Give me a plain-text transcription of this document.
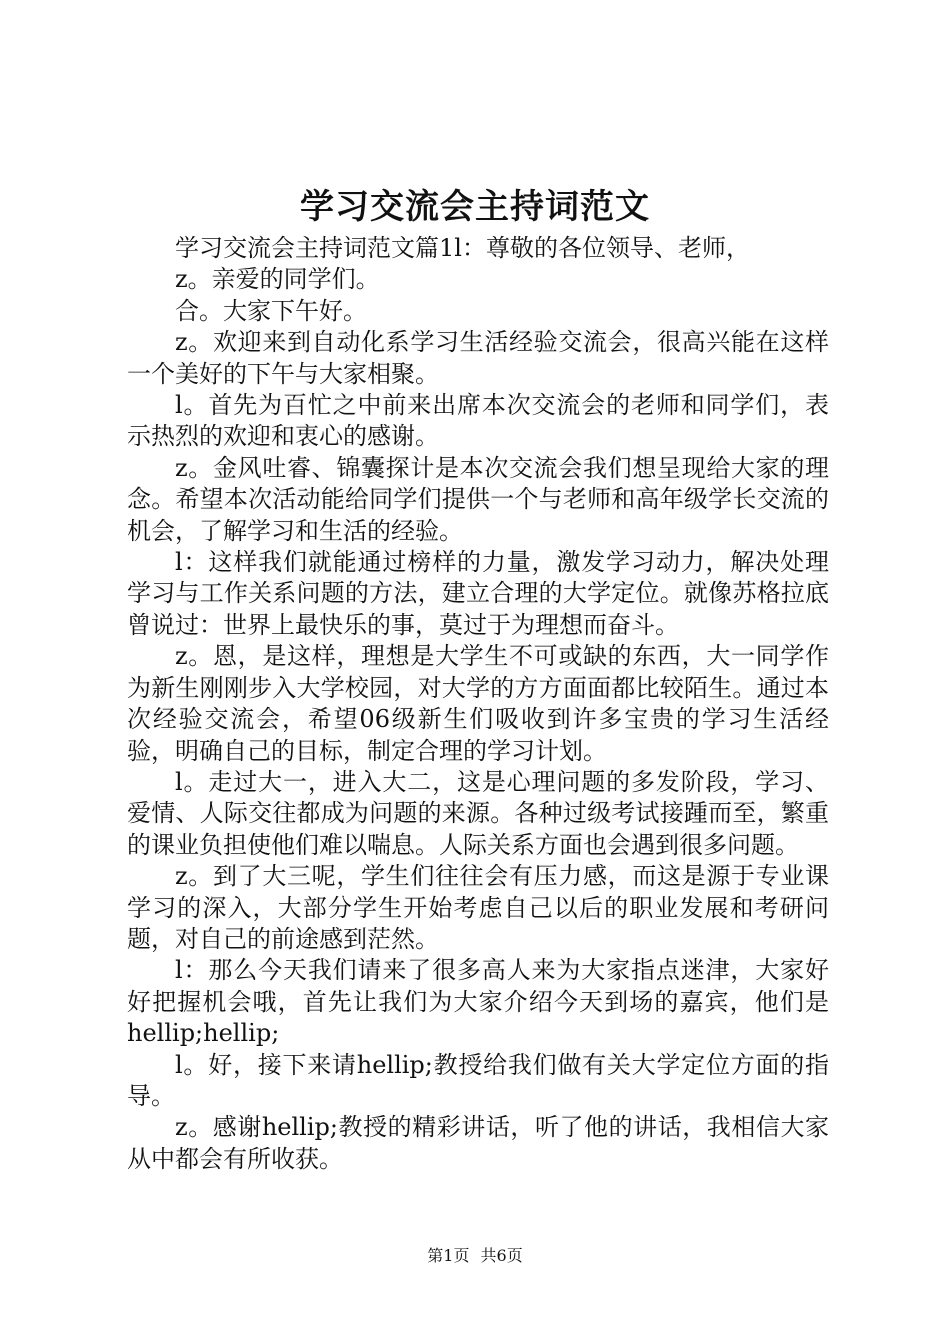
学习交流会主持词范文

学习交流会主持词范文篇1l：尊敬的各位领导、老师，

z。亲爱的同学们。

合。大家下午好。

z。欢迎来到自动化系学习生活经验交流会，很高兴能在这样一个美好的下午与大家相聚。

l。首先为百忙之中前来出席本次交流会的老师和同学们，表示热烈的欢迎和衷心的感谢。

z。金风吐睿、锦囊探计是本次交流会我们想呈现给大家的理念。希望本次活动能给同学们提供一个与老师和高年级学长交流的机会，了解学习和生活的经验。

l：这样我们就能通过榜样的力量，激发学习动力，解决处理学习与工作关系问题的方法，建立合理的大学定位。就像苏格拉底曾说过：世界上最快乐的事，莫过于为理想而奋斗。

z。恩，是这样，理想是大学生不可或缺的东西，大一同学作为新生刚刚步入大学校园，对大学的方方面面都比较陌生。通过本次经验交流会，希望06级新生们吸收到许多宝贵的学习生活经验，明确自己的目标，制定合理的学习计划。

l。走过大一，进入大二，这是心理问题的多发阶段，学习、爱情、人际交往都成为问题的来源。各种过级考试接踵而至，繁重的课业负担使他们难以喘息。人际关系方面也会遇到很多问题。

z。到了大三呢，学生们往往会有压力感，而这是源于专业课学习的深入，大部分学生开始考虑自己以后的职业发展和考研问题，对自己的前途感到茫然。

l：那么今天我们请来了很多高人来为大家指点迷津，大家好好把握机会哦，首先让我们为大家介绍今天到场的嘉宾，他们是hellip;hellip;

l。好，接下来请hellip;教授给我们做有关大学定位方面的指导。

z。感谢hellip;教授的精彩讲话，听了他的讲话，我相信大家从中都会有所收获。

第1页 共6页
